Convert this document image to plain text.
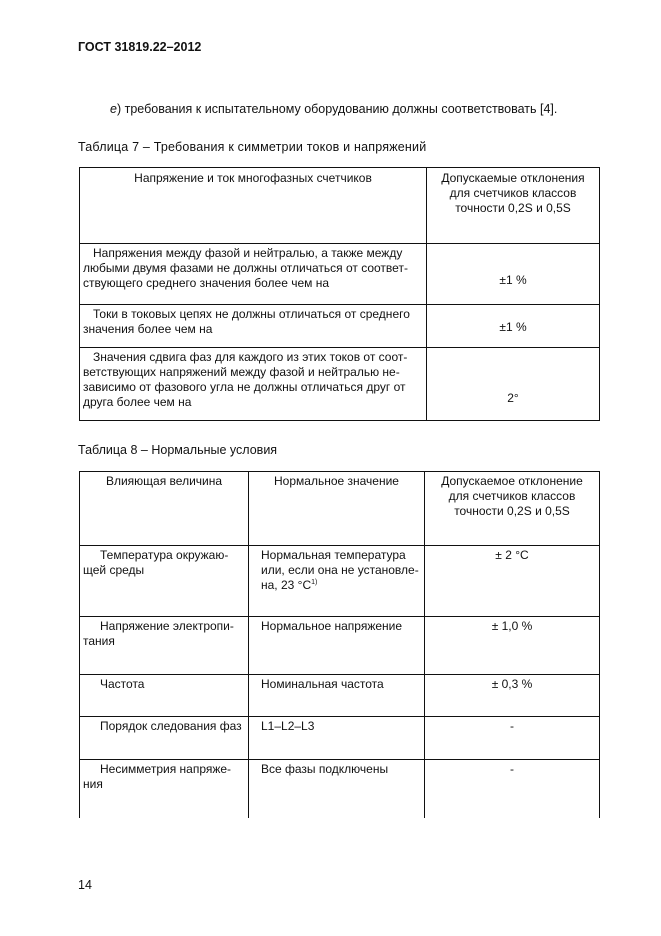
ГОСТ 31819.22–2012
е) требования к испытательному оборудованию должны соответствовать [4].
Таблица 7 – Требования к симметрии токов и напряжений
Напряжение и ток многофазных счетчиков	Допускаемые отклонения для счетчиков классов точности 0,2S и 0,5S
Напряжения между фазой и нейтралью, а также между любыми двумя фазами не должны отличаться от соответ-ствующего среднего значения более чем на	±1 %

Токи в токовых цепях не должны отличаться от среднего значения более чем на	±1 %

Значения сдвига фаз для каждого из этих токов от соот-ветствующих напряжений между фазой и нейтралью не-зависимо от фазового угла не должны отличаться друг от друга более чем на	2°
Таблица 8 – Нормальные условия
Влияющая величина	Нормальное значение	Допускаемое отклонение для счетчиков классов точности 0,2S и 0,5S
Температура окружаю-щей среды	Нормальная температура или, если она не установле-на, 23 °С$^{1)}$	± 2 °С
Напряжение электропи-тания	Нормальное напряжение	± 1,0 %
Частота	Номинальная частота	± 0,3 %
Порядок следования фаз	L1–L2–L3	-
Несимметрия напряже-ния	Все фазы подключены	-
14
